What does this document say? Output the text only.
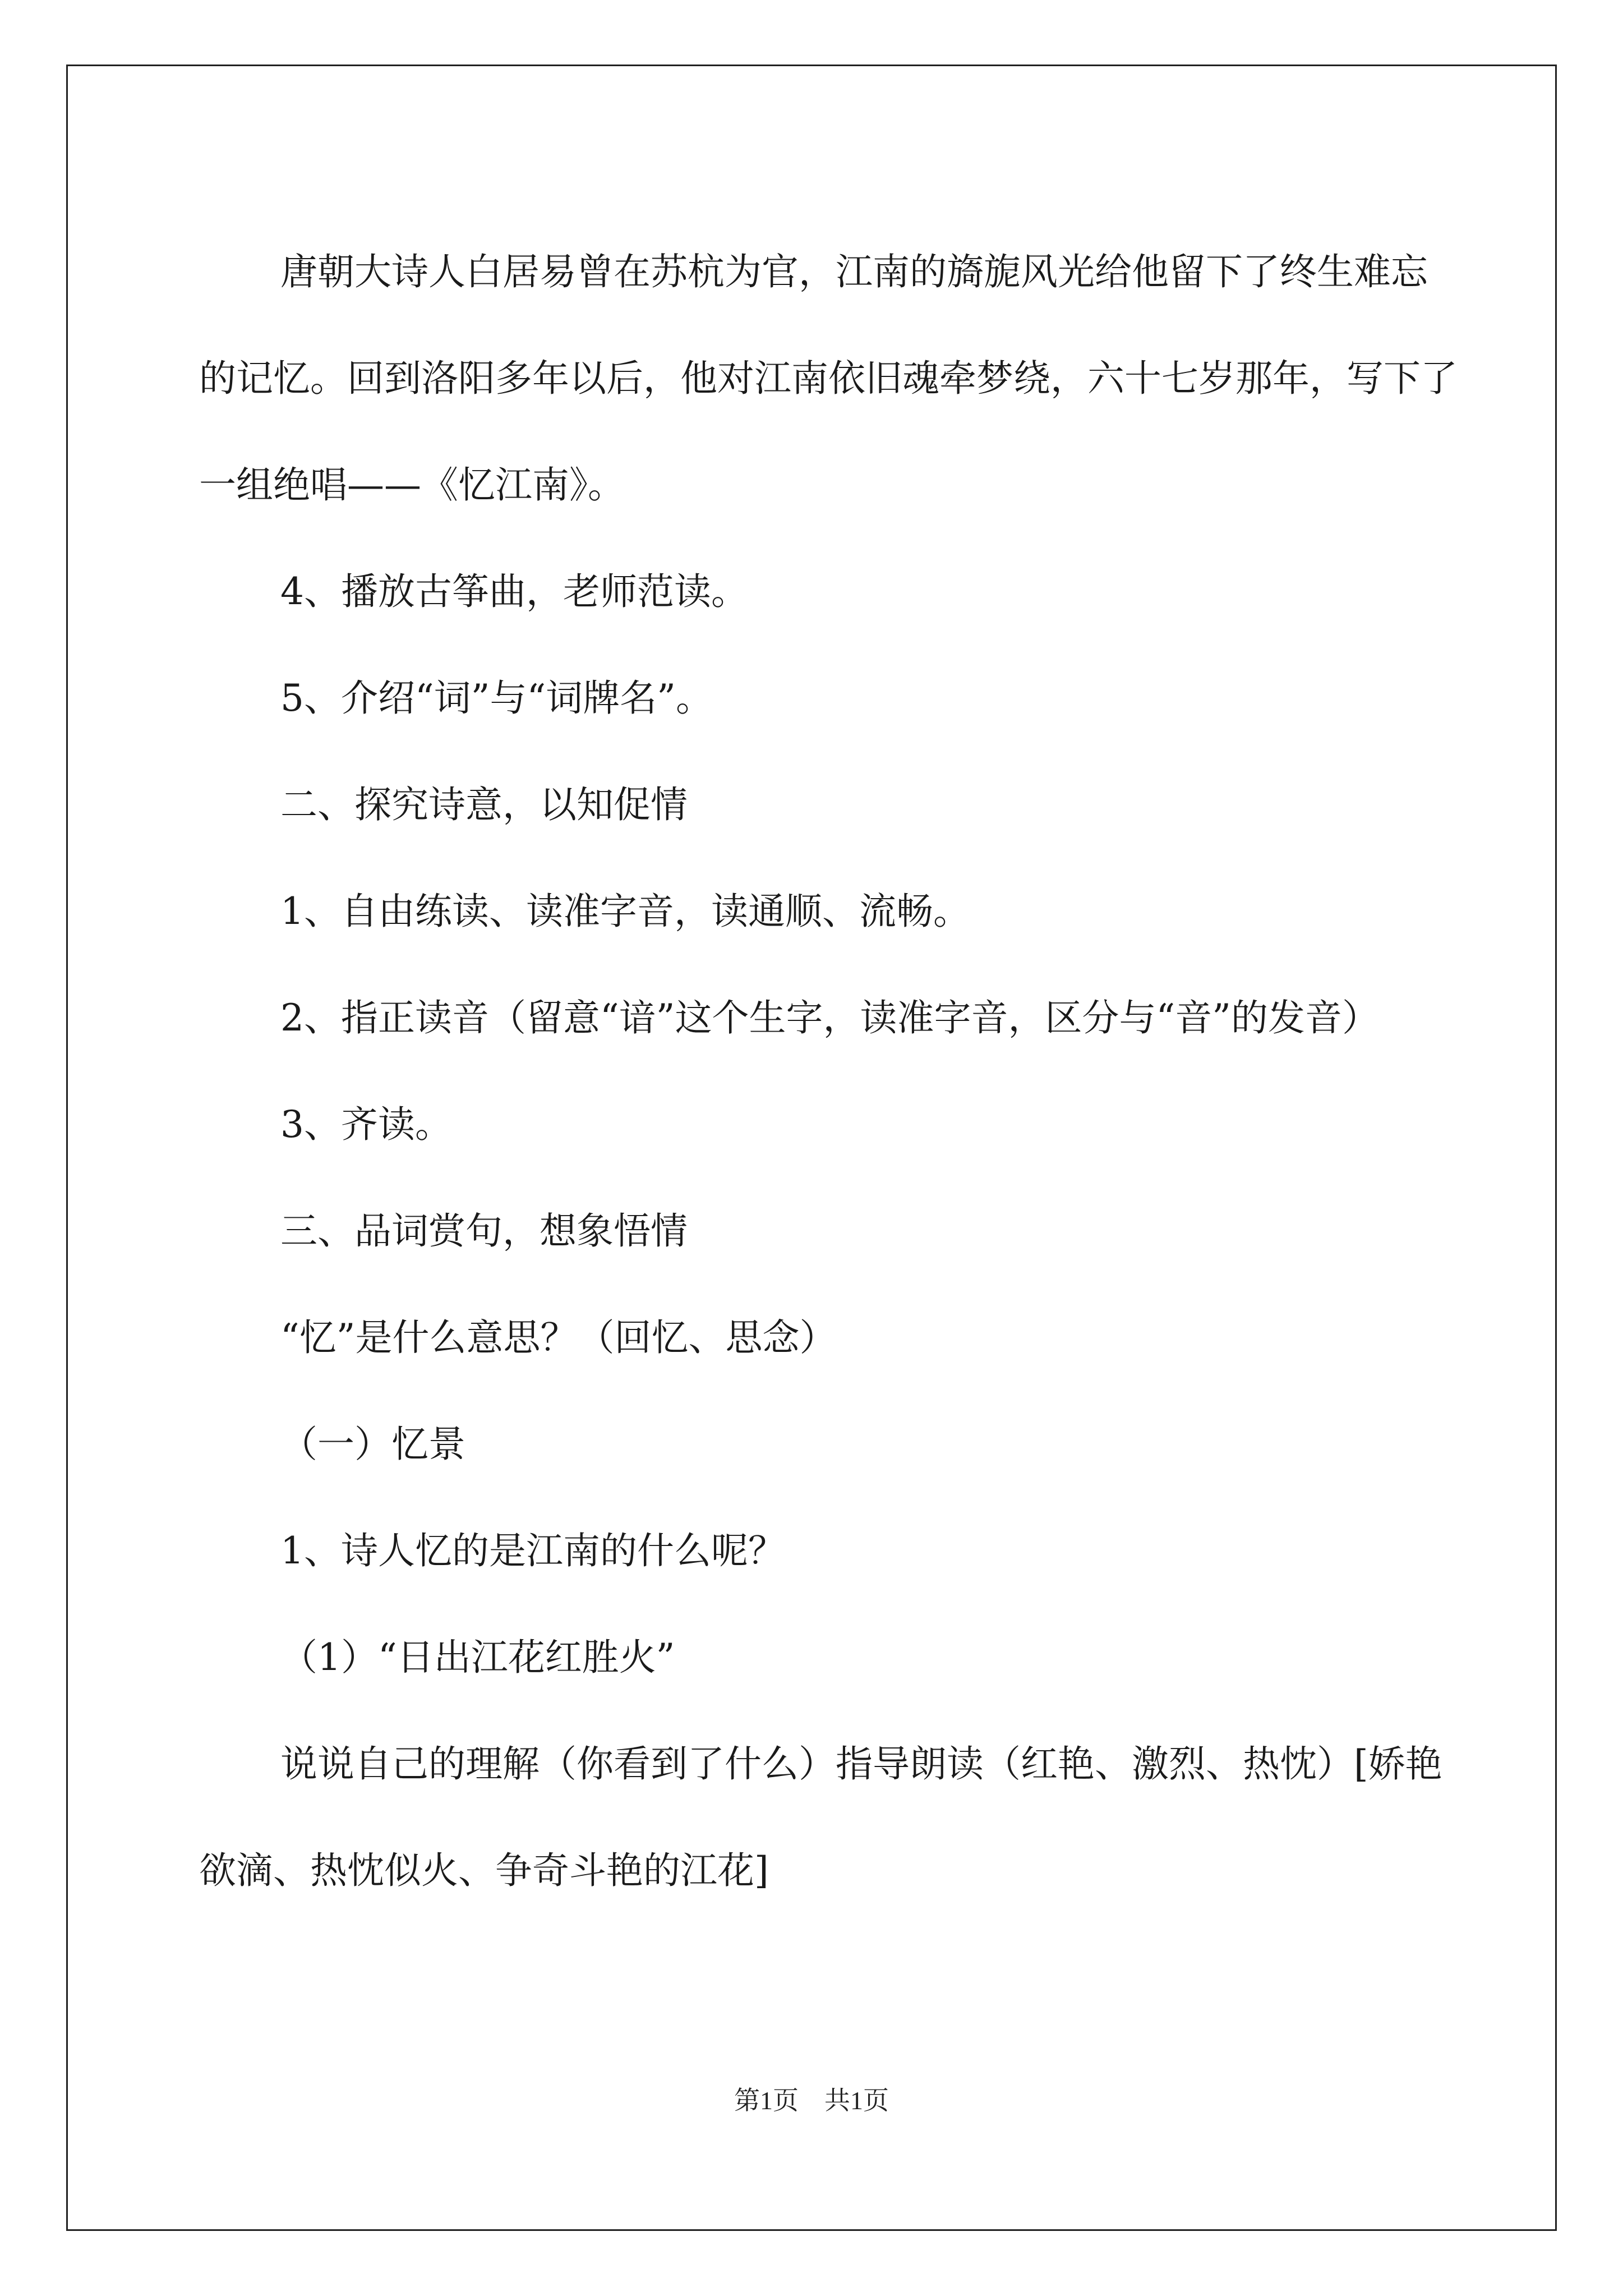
唐朝大诗人白居易曾在苏杭为官，江南的旖旎风光给他留下了终生难忘的记忆。回到洛阳多年以后，他对江南依旧魂牵梦绕，六十七岁那年，写下了一组绝唱——《忆江南》。

4、播放古筝曲，老师范读。

5、介绍“词”与“词牌名”。

二、探究诗意，以知促情

1、自由练读、读准字音，读通顺、流畅。

2、指正读音（留意“谙”这个生字，读准字音，区分与“音”的发音）

3、齐读。

三、品词赏句，想象悟情

“忆”是什么意思？（回忆、思念）

（一）忆景

1、诗人忆的是江南的什么呢？

（1）“日出江花红胜火”

说说自己的理解（你看到了什么）指导朗读（红艳、激烈、热忱）[娇艳欲滴、热忱似火、争奇斗艳的江花]

第1页　共1页
